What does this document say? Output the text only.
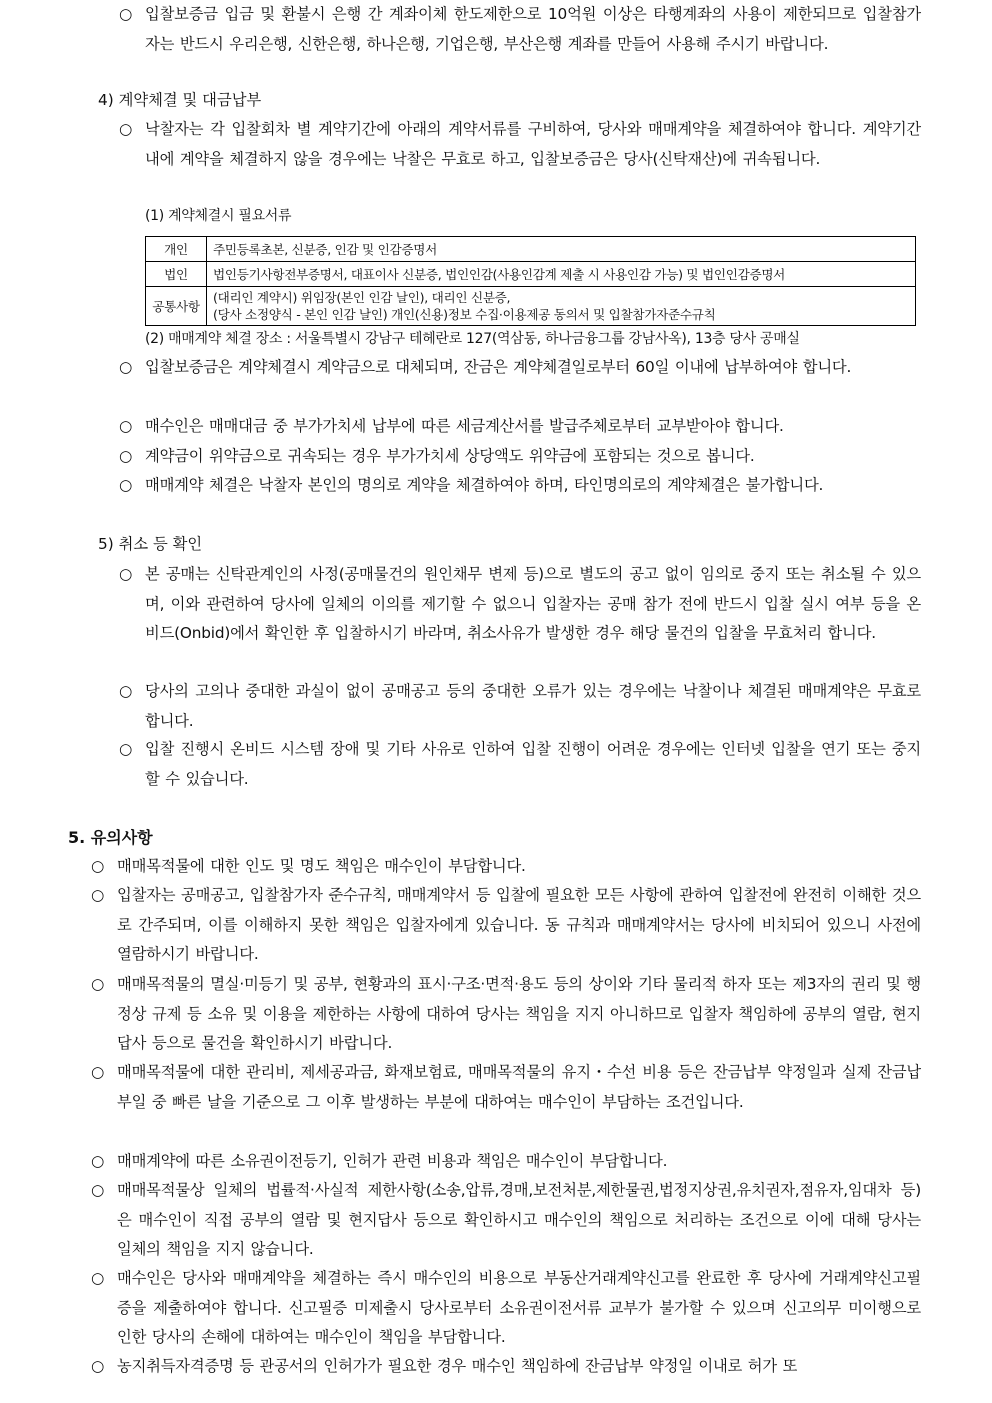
○ 입찰보증금 입금 및 환불시 은행 간 계좌이체 한도제한으로 10억원 이상은 타행계좌의 사용이 제한되므로 입찰참가자는 반드시 우리은행, 신한은행, 하나은행, 기업은행, 부산은행 계좌를 만들어 사용해 주시기 바랍니다.
4) 계약체결 및 대금납부
○ 낙찰자는 각 입찰회차 별 계약기간에 아래의 계약서류를 구비하여, 당사와 매매계약을 체결하여야 합니다. 계약기간 내에 계약을 체결하지 않을 경우에는 낙찰은 무효로 하고, 입찰보증금은 당사(신탁재산)에 귀속됩니다.
(1) 계약체결시 필요서류
개인	주민등록초본, 신분증, 인감 및 인감증명서
법인	법인등기사항전부증명서, 대표이사 신분증, 법인인감(사용인감계 제출 시 사용인감 가능) 및 법인인감증명서
공통사항	(대리인 계약시) 위임장(본인 인감 날인), 대리인 신분증,
(당사 소정양식 - 본인 인감 날인) 개인(신용)정보 수집·이용제공 동의서 및 입찰참가자준수규칙
(2) 매매계약 체결 장소 : 서울특별시 강남구 테헤란로 127(역삼동, 하나금융그룹 강남사옥), 13층 당사 공매실
○ 입찰보증금은 계약체결시 계약금으로 대체되며, 잔금은 계약체결일로부터 60일 이내에 납부하여야 합니다.
○ 매수인은 매매대금 중 부가가치세 납부에 따른 세금계산서를 발급주체로부터 교부받아야 합니다.
○ 계약금이 위약금으로 귀속되는 경우 부가가치세 상당액도 위약금에 포함되는 것으로 봅니다.
○ 매매계약 체결은 낙찰자 본인의 명의로 계약을 체결하여야 하며, 타인명의로의 계약체결은 불가합니다.
5) 취소 등 확인
○ 본 공매는 신탁관계인의 사정(공매물건의 원인채무 변제 등)으로 별도의 공고 없이 임의로 중지 또는 취소될 수 있으며, 이와 관련하여 당사에 일체의 이의를 제기할 수 없으니 입찰자는 공매 참가 전에 반드시 입찰 실시 여부 등을 온비드(Onbid)에서 확인한 후 입찰하시기 바라며, 취소사유가 발생한 경우 해당 물건의 입찰을 무효처리 합니다.
○ 당사의 고의나 중대한 과실이 없이 공매공고 등의 중대한 오류가 있는 경우에는 낙찰이나 체결된 매매계약은 무효로 합니다.
○ 입찰 진행시 온비드 시스템 장애 및 기타 사유로 인하여 입찰 진행이 어려운 경우에는 인터넷 입찰을 연기 또는 중지할 수 있습니다.
5. 유의사항
○ 매매목적물에 대한 인도 및 명도 책임은 매수인이 부담합니다.
○ 입찰자는 공매공고, 입찰참가자 준수규칙, 매매계약서 등 입찰에 필요한 모든 사항에 관하여 입찰전에 완전히 이해한 것으로 간주되며, 이를 이해하지 못한 책임은 입찰자에게 있습니다. 동 규칙과 매매계약서는 당사에 비치되어 있으니 사전에 열람하시기 바랍니다.
○ 매매목적물의 멸실·미등기 및 공부, 현황과의 표시·구조·면적·용도 등의 상이와 기타 물리적 하자 또는 제3자의 권리 및 행정상 규제 등 소유 및 이용을 제한하는 사항에 대하여 당사는 책임을 지지 아니하므로 입찰자 책임하에 공부의 열람, 현지 답사 등으로 물건을 확인하시기 바랍니다.
○ 매매목적물에 대한 관리비, 제세공과금, 화재보험료, 매매목적물의 유지・수선 비용 등은 잔금납부 약정일과 실제 잔금납부일 중 빠른 날을 기준으로 그 이후 발생하는 부분에 대하여는 매수인이 부담하는 조건입니다.
○ 매매계약에 따른 소유권이전등기, 인허가 관련 비용과 책임은 매수인이 부담합니다.
○ 매매목적물상 일체의 법률적·사실적 제한사항(소송,압류,경매,보전처분,제한물권,법정지상권,유치권자,점유자,임대차 등)은 매수인이 직접 공부의 열람 및 현지답사 등으로 확인하시고 매수인의 책임으로 처리하는 조건으로 이에 대해 당사는 일체의 책임을 지지 않습니다.
○ 매수인은 당사와 매매계약을 체결하는 즉시 매수인의 비용으로 부동산거래계약신고를 완료한 후 당사에 거래계약신고필증을 제출하여야 합니다. 신고필증 미제출시 당사로부터 소유권이전서류 교부가 불가할 수 있으며 신고의무 미이행으로 인한 당사의 손해에 대하여는 매수인이 책임을 부담합니다.
○ 농지취득자격증명 등 관공서의 인허가가 필요한 경우 매수인 책임하에 잔금납부 약정일 이내로 허가 또
